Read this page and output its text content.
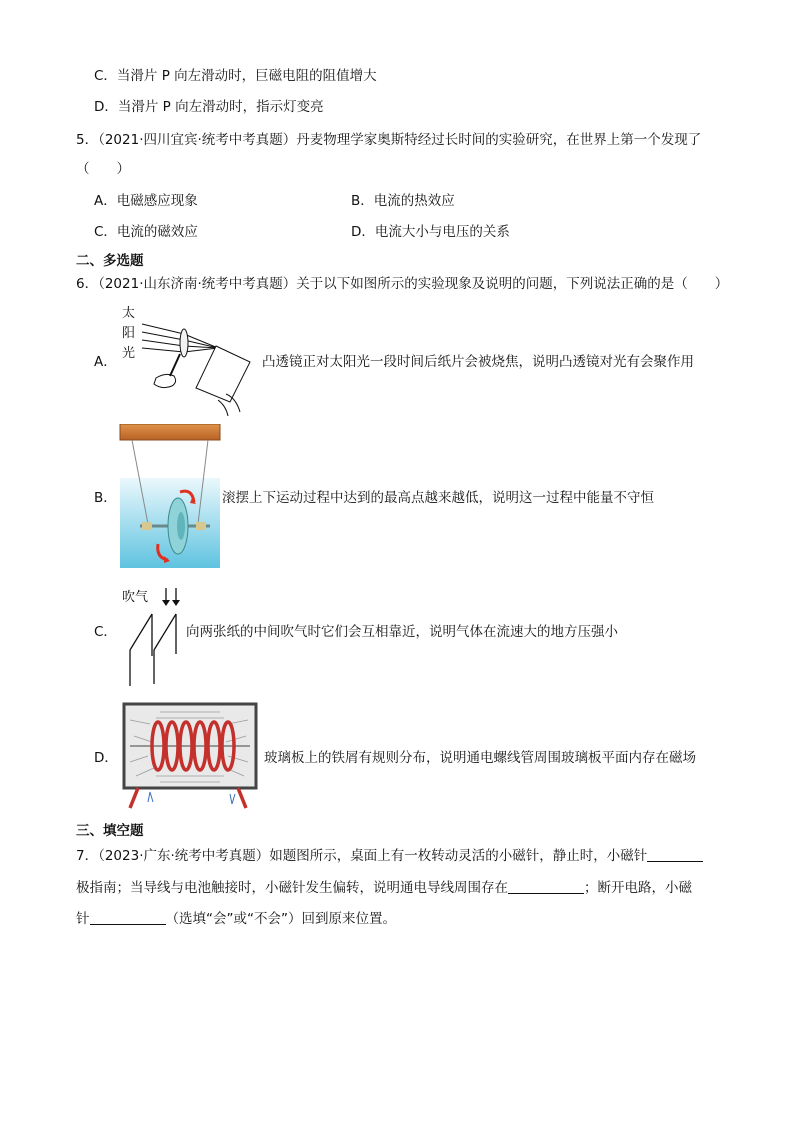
C．当滑片 P 向左滑动时，巨磁电阻的阻值增大
D．当滑片 P 向左滑动时，指示灯变亮
5．（2021·四川宜宾·统考中考真题）丹麦物理学家奥斯特经过长时间的实验研究，在世界上第一个发现了
（　　）
A．电磁感应现象	B．电流的热效应
C．电流的磁效应	D．电流大小与电压的关系
二、多选题
6．（2021·山东济南·统考中考真题）关于以下如图所示的实验现象及说明的问题，下列说法正确的是（　　）
A．
太
阳
光
凸透镜正对太阳光一段时间后纸片会被烧焦，说明凸透镜对光有会聚作用
B．	滚摆上下运动过程中达到的最高点越来越低，说明这一过程中能量不守恒
C．
吹气
向两张纸的中间吹气时它们会互相靠近，说明气体在流速大的地方压强小
D．	玻璃板上的铁屑有规则分布，说明通电螺线管周围玻璃板平面内存在磁场
三、填空题
7．（2023·广东·统考中考真题）如题图所示，桌面上有一枚转动灵活的小磁针，静止时，小磁针
极指南；当导线与电池触接时，小磁针发生偏转，说明通电导线周围存在	；断开电路，小磁
针	（选填“会”或“不会”）回到原来位置。
